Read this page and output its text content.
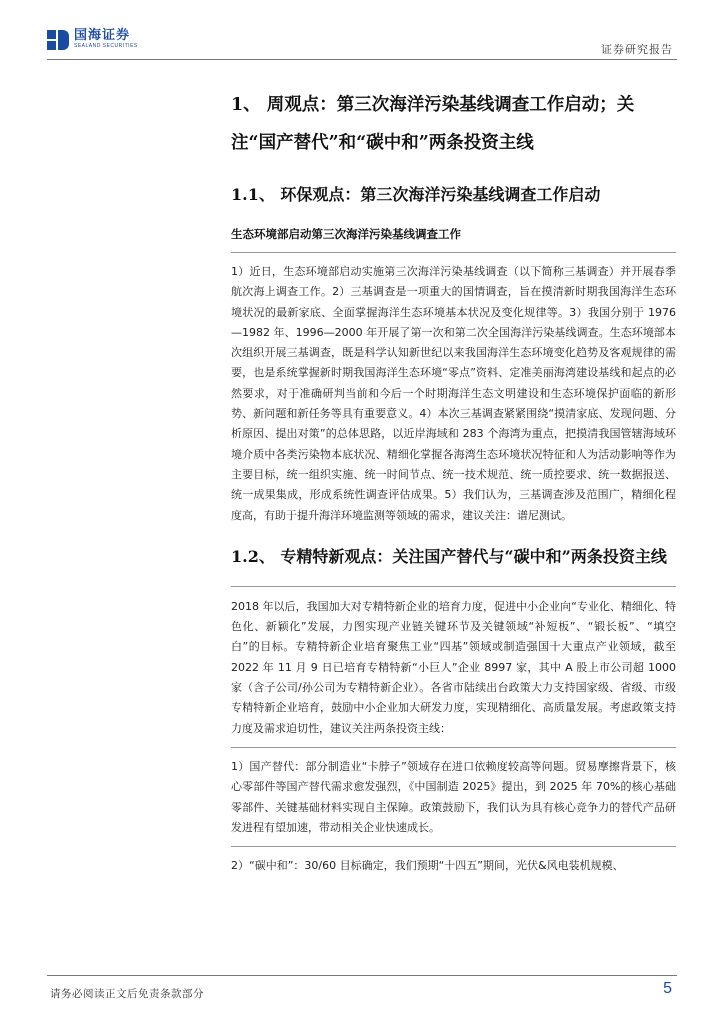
国海证券
SEALAND SECURITIES	证券研究报告
1、 周观点：第三次海洋污染基线调查工作启动；关注“国产替代”和“碳中和”两条投资主线
1.1、 环保观点：第三次海洋污染基线调查工作启动
生态环境部启动第三次海洋污染基线调查工作
1）近日，生态环境部启动实施第三次海洋污染基线调查（以下简称三基调查）并开展春季航次海上调查工作。2）三基调查是一项重大的国情调查，旨在摸清新时期我国海洋生态环境状况的最新家底、全面掌握海洋生态环境基本状况及变化规律等。3）我国分别于 1976—1982 年、1996—2000 年开展了第一次和第二次全国海洋污染基线调查。生态环境部本次组织开展三基调查，既是科学认知新世纪以来我国海洋生态环境变化趋势及客观规律的需要，也是系统掌握新时期我国海洋生态环境“零点”资料、定准美丽海湾建设基线和起点的必然要求，对于准确研判当前和今后一个时期海洋生态文明建设和生态环境保护面临的新形势、新问题和新任务等具有重要意义。4）本次三基调查紧紧围绕“摸清家底、发现问题、分析原因、提出对策”的总体思路，以近岸海域和 283 个海湾为重点，把摸清我国管辖海域环境介质中各类污染物本底状况、精细化掌握各海湾生态环境状况特征和人为活动影响等作为主要目标，统一组织实施、统一时间节点、统一技术规范、统一质控要求、统一数据报送、统一成果集成，形成系统性调查评估成果。5）我们认为，三基调查涉及范围广，精细化程度高，有助于提升海洋环境监测等领域的需求，建议关注：谱尼测试。
1.2、 专精特新观点：关注国产替代与“碳中和”两条投资主线
2018 年以后，我国加大对专精特新企业的培育力度，促进中小企业向“专业化、精细化、特色化、新颖化”发展，力图实现产业链关键环节及关键领域“补短板”、“锻长板”、“填空白”的目标。专精特新企业培育聚焦工业“四基”领域或制造强国十大重点产业领域，截至 2022 年 11 月 9 日已培育专精特新“小巨人”企业 8997 家，其中 A 股上市公司超 1000 家（含子公司/孙公司为专精特新企业）。各省市陆续出台政策大力支持国家级、省级、市级专精特新企业培育，鼓励中小企业加大研发力度，实现精细化、高质量发展。考虑政策支持力度及需求迫切性，建议关注两条投资主线：
1）国产替代：部分制造业“卡脖子”领域存在进口依赖度较高等问题。贸易摩擦背景下，核心零部件等国产替代需求愈发强烈，《中国制造 2025》提出，到 2025 年 70%的核心基础零部件、关键基础材料实现自主保障。政策鼓励下，我们认为具有核心竞争力的替代产品研发进程有望加速，带动相关企业快速成长。
2）“碳中和”：30/60 目标确定，我们预期“十四五”期间，光伏&风电装机规模、
请务必阅读正文后免责条款部分	5
